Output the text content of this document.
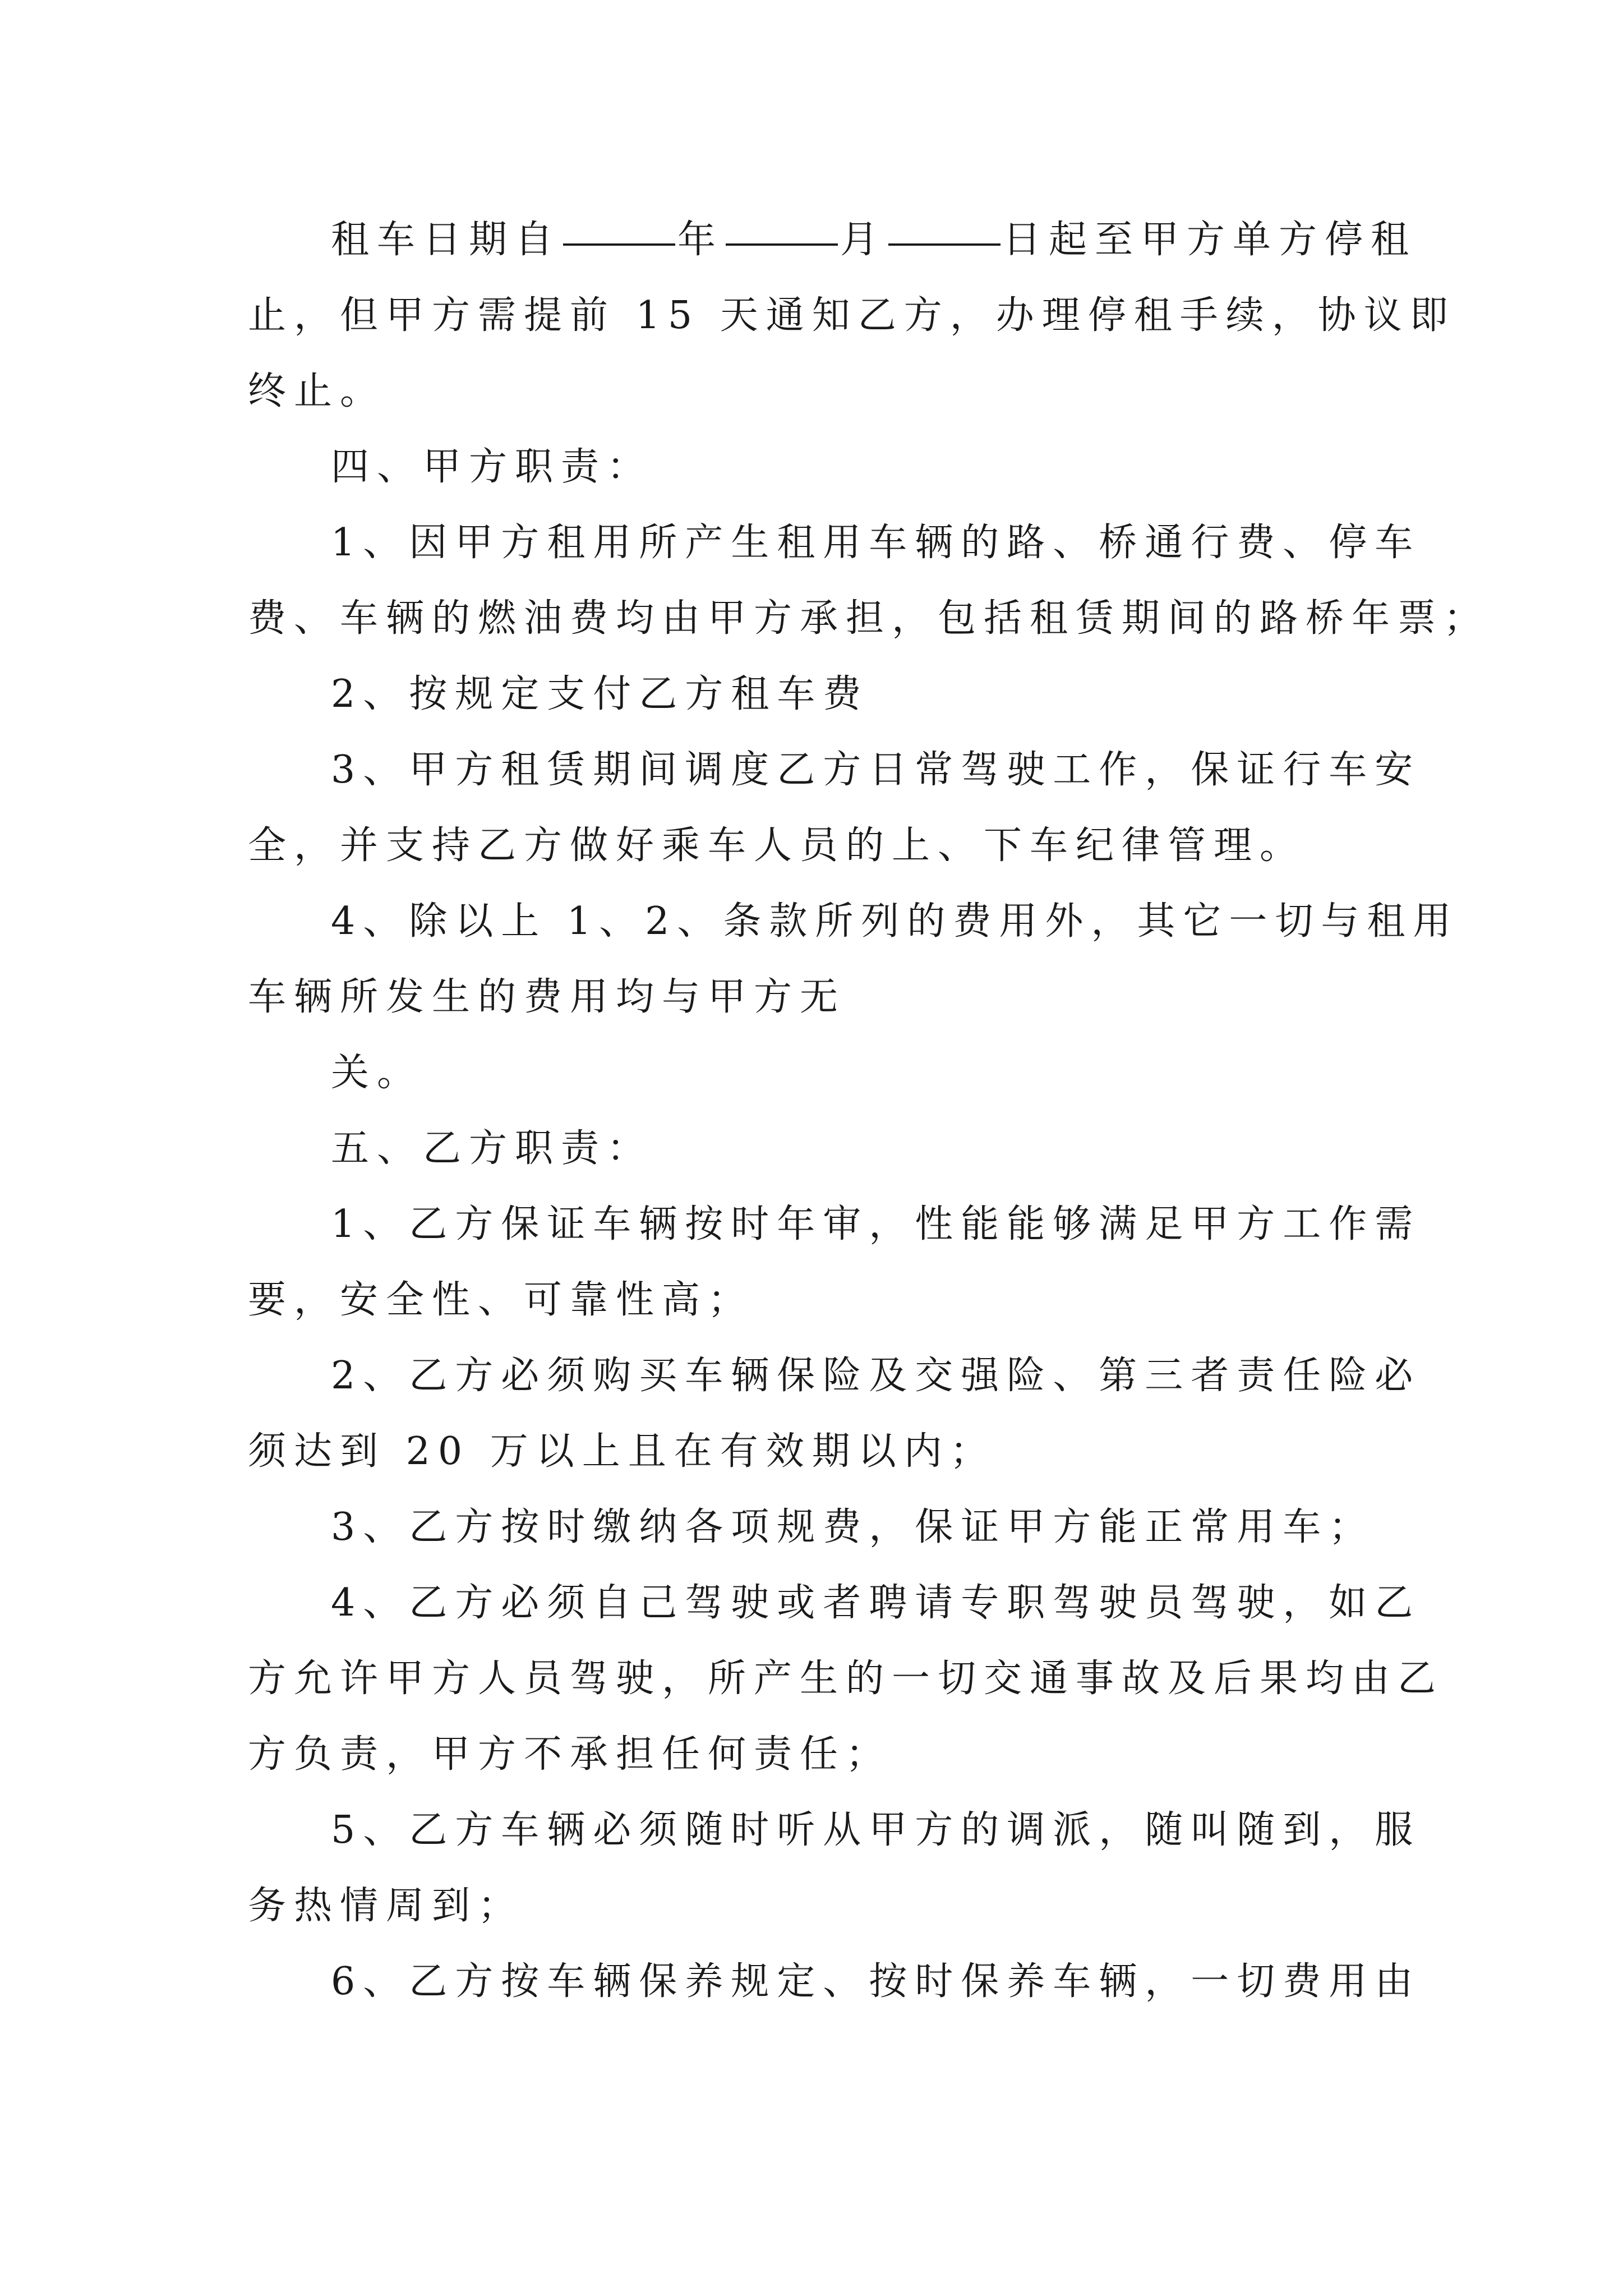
租车日期自	年	月	日起至甲方单方停租
止，但甲方需提前 15 天通知乙方，办理停租手续，协议即
终止。
四、甲方职责：
1、因甲方租用所产生租用车辆的路、桥通行费、停车
费、车辆的燃油费均由甲方承担，包括租赁期间的路桥年票；
2、按规定支付乙方租车费
3、甲方租赁期间调度乙方日常驾驶工作，保证行车安
全，并支持乙方做好乘车人员的上、下车纪律管理。
4、除以上 1、2、条款所列的费用外，其它一切与租用
车辆所发生的费用均与甲方无
关。
五、乙方职责：
1、乙方保证车辆按时年审，性能能够满足甲方工作需
要，安全性、可靠性高；
2、乙方必须购买车辆保险及交强险、第三者责任险必
须达到 20 万以上且在有效期以内；
3、乙方按时缴纳各项规费，保证甲方能正常用车；
4、乙方必须自己驾驶或者聘请专职驾驶员驾驶，如乙
方允许甲方人员驾驶，所产生的一切交通事故及后果均由乙
方负责，甲方不承担任何责任；
5、乙方车辆必须随时听从甲方的调派，随叫随到，服
务热情周到；
6、乙方按车辆保养规定、按时保养车辆，一切费用由
